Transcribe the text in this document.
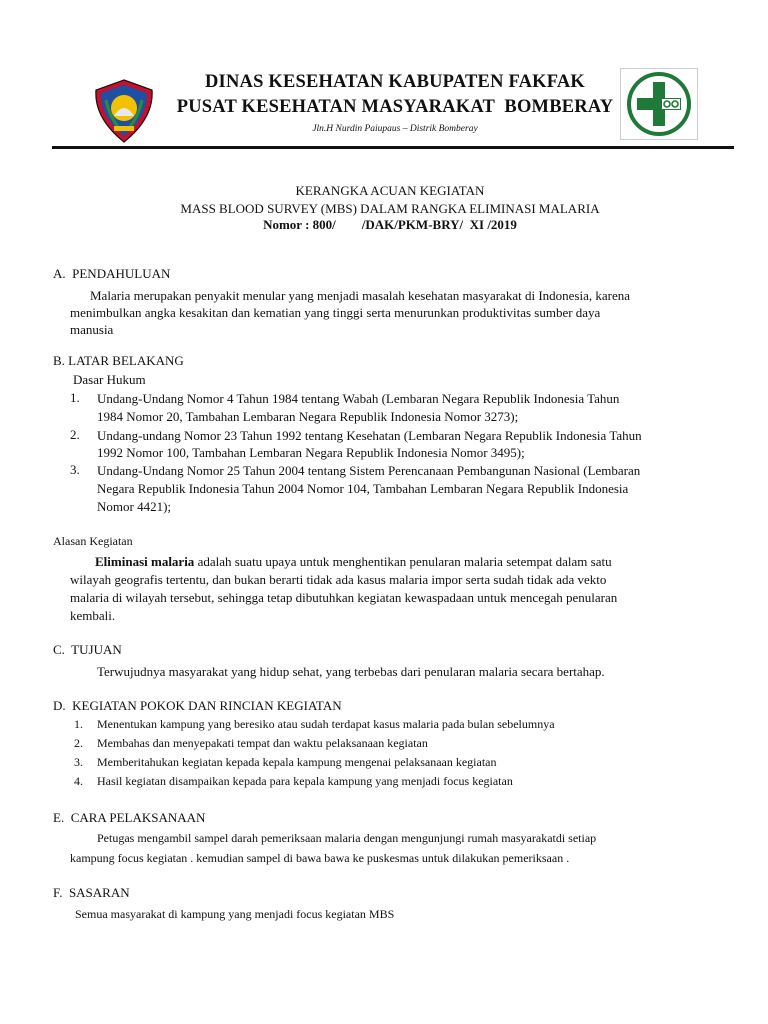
DINAS KESEHATAN KABUPATEN FAKFAK
PUSAT KESEHATAN MASYARAKAT  BOMBERAY
Jln.H Nurdin Paiupaus – Distrik Bomberay
KERANGKA ACUAN KEGIATAN
MASS BLOOD SURVEY (MBS) DALAM RANGKA ELIMINASI MALARIA
Nomor : 800/        /DAK/PKM-BRY/  XI /2019
A.  PENDAHULUAN
Malaria merupakan penyakit menular yang menjadi masalah kesehatan masyarakat di Indonesia, karena
menimbulkan angka kesakitan dan kematian yang tinggi serta menurunkan produktivitas sumber daya
manusia
B. LATAR BELAKANG
Dasar Hukum
1. Undang-Undang Nomor 4 Tahun 1984 tentang Wabah (Lembaran Negara Republik Indonesia Tahun
1984 Nomor 20, Tambahan Lembaran Negara Republik Indonesia Nomor 3273);
2. Undang-undang Nomor 23 Tahun 1992 tentang Kesehatan (Lembaran Negara Republik Indonesia Tahun
1992 Nomor 100, Tambahan Lembaran Negara Republik Indonesia Nomor 3495);
3. Undang-Undang Nomor 25 Tahun 2004 tentang Sistem Perencanaan Pembangunan Nasional (Lembaran
Negara Republik Indonesia Tahun 2004 Nomor 104, Tambahan Lembaran Negara Republik Indonesia
Nomor 4421);
Alasan Kegiatan
Eliminasi malaria adalah suatu upaya untuk menghentikan penularan malaria setempat dalam satu
wilayah geografis tertentu, dan bukan berarti tidak ada kasus malaria impor serta sudah tidak ada vekto
malaria di wilayah tersebut, sehingga tetap dibutuhkan kegiatan kewaspadaan untuk mencegah penularan
kembali.
C.  TUJUAN
Terwujudnya masyarakat yang hidup sehat, yang terbebas dari penularan malaria secara bertahap.
D.  KEGIATAN POKOK DAN RINCIAN KEGIATAN
1. Menentukan kampung yang beresiko atau sudah terdapat kasus malaria pada bulan sebelumnya
2. Membahas dan menyepakati tempat dan waktu pelaksanaan kegiatan
3. Memberitahukan kegiatan kepada kepala kampung mengenai pelaksanaan kegiatan
4. Hasil kegiatan disampaikan kepada para kepala kampung yang menjadi focus kegiatan
E.  CARA PELAKSANAAN
Petugas mengambil sampel darah pemeriksaan malaria dengan mengunjungi rumah masyarakatdi setiap
kampung focus kegiatan . kemudian sampel di bawa bawa ke puskesmas untuk dilakukan pemeriksaan .
F.  SASARAN
Semua masyarakat di kampung yang menjadi focus kegiatan MBS
